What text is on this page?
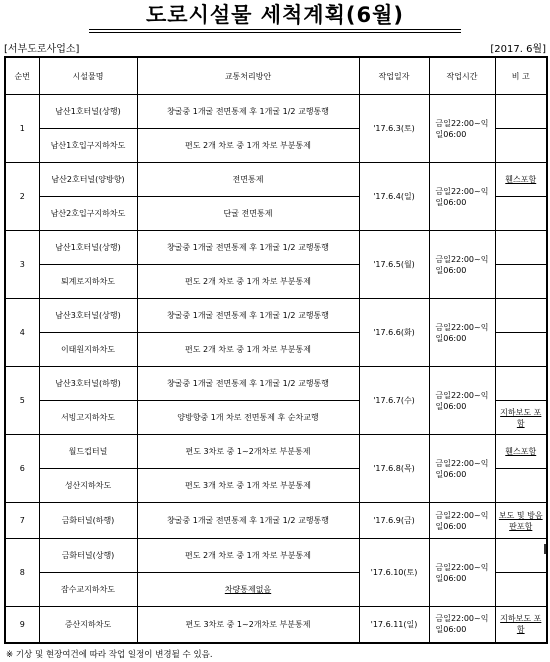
도로시설물 세척계획(6월)
[서부도로사업소]	[2017. 6월]
순번	시설물명	교통처리방안	작업일자	작업시간	비 고
1	남산1호터널(상행)	챵굴중 1개굴 전면통제 후 1개굴 1/2 교행통행	'17.6.3(토)	금일22:00~익일06:00	
	남산1호입구지하차도	편도 2개 차로 중 1개 차로 부분통제			
2	남산2호터널(양방향)	전면통제	'17.6.4(일)	금일22:00~익일06:00	휀스포함
	남산2호입구지하차도	단굴 전면통제			
3	남산1호터널(상행)	챵굴중 1개굴 전면통제 후 1개굴 1/2 교행통행	'17.6.5(월)	금일22:00~익일06:00	
	퇴계로지하차도	편도 2개 차로 중 1개 차로 부분통제			
4	남산3호터널(상행)	챵굴중 1개굴 전면통제 후 1개굴 1/2 교행통행	'17.6.6(화)	금일22:00~익일06:00	
	이태원지하차도	편도 2개 차로 중 1개 차로 부분통제			
5	남산3호터널(하행)	챵굴중 1개굴 전면통제 후 1개굴 1/2 교행통행	'17.6.7(수)	금일22:00~익일06:00	
	서빙고지하차도	양방향중 1개 차로 전면통제 후 순차교행			지하보도 포함
6	월드컵터널	편도 3차로 중 1~2개차로 부분통제	'17.6.8(목)	금일22:00~익일06:00	휀스포함
	성산지하차도	편도 3개 차로 중 1개 차로 부분통제			
7	금화터널(하행)	챵굴중 1개굴 전면통제 후 1개굴 1/2 교행통행	'17.6.9(금)	금일22:00~익일06:00	보도 및 방음판포함
8	금화터널(상행)	편도 2개 차로 중 1개 차로 부분통제	'17.6.10(토)	금일22:00~익일06:00	
	잠수교지하차도	차량통제없음			
9	증산지하차도	편도 3차로 중 1~2개차로 부분통제	'17.6.11(일)	금일22:00~익일06:00	지하보도 포함
※ 기상 및 현장여건에 따라 작업 일정이 변경될 수 있음.
